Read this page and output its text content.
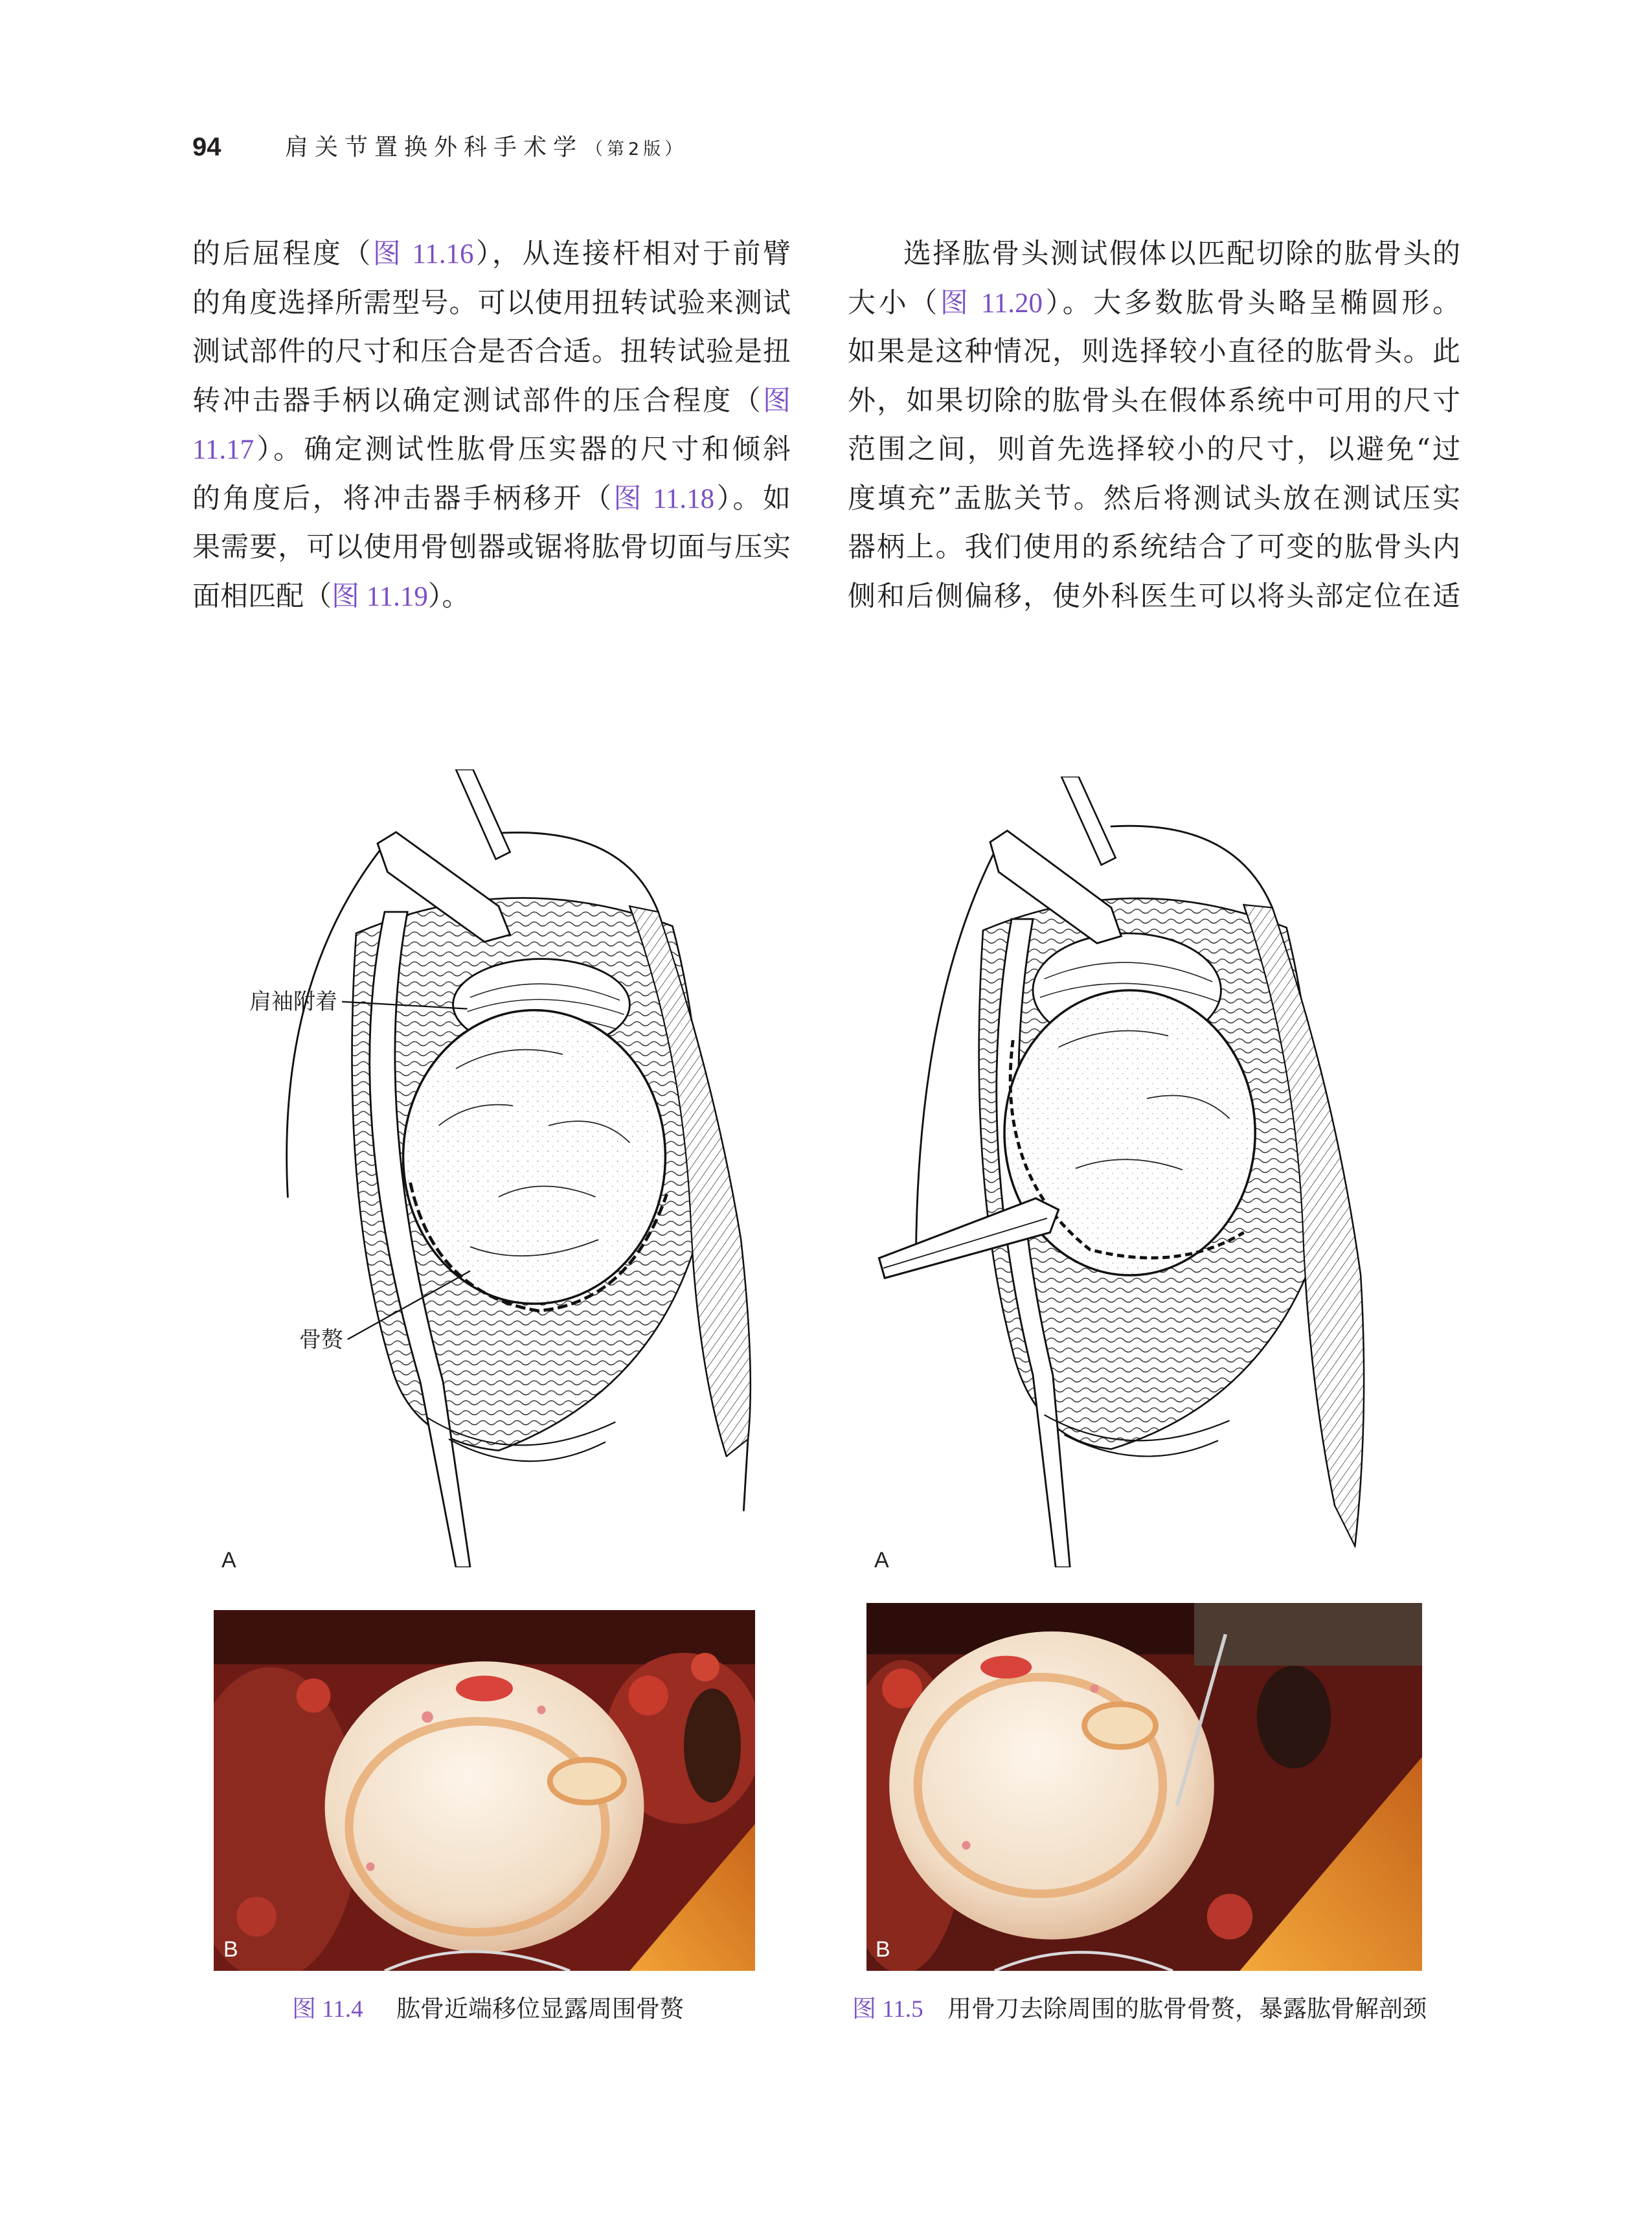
94	肩关节置换外科手术学 （第2版）
的后屈程度（图 11.16），从连接杆相对于前臂
的角度选择所需型号。可以使用扭转试验来测试
测试部件的尺寸和压合是否合适。扭转试验是扭
转冲击器手柄以确定测试部件的压合程度（图
11.17）。确定测试性肱骨压实器的尺寸和倾斜
的角度后，将冲击器手柄移开（图 11.18）。如
果需要，可以使用骨刨器或锯将肱骨切面与压实
面相匹配（图 11.19）。
选择肱骨头测试假体以匹配切除的肱骨头的
大小（图 11.20）。大多数肱骨头略呈椭圆形。
如果是这种情况，则选择较小直径的肱骨头。此
外，如果切除的肱骨头在假体系统中可用的尺寸
范围之间，则首先选择较小的尺寸，以避免“过
度填充”盂肱关节。然后将测试头放在测试压实
器柄上。我们使用的系统结合了可变的肱骨头内
侧和后侧偏移，使外科医生可以将头部定位在适
肩袖附着
骨赘
A	A
B	B
图 11.4 肱骨近端移位显露周围骨赘	图 11.5 用骨刀去除周围的肱骨骨赘，暴露肱骨解剖颈
